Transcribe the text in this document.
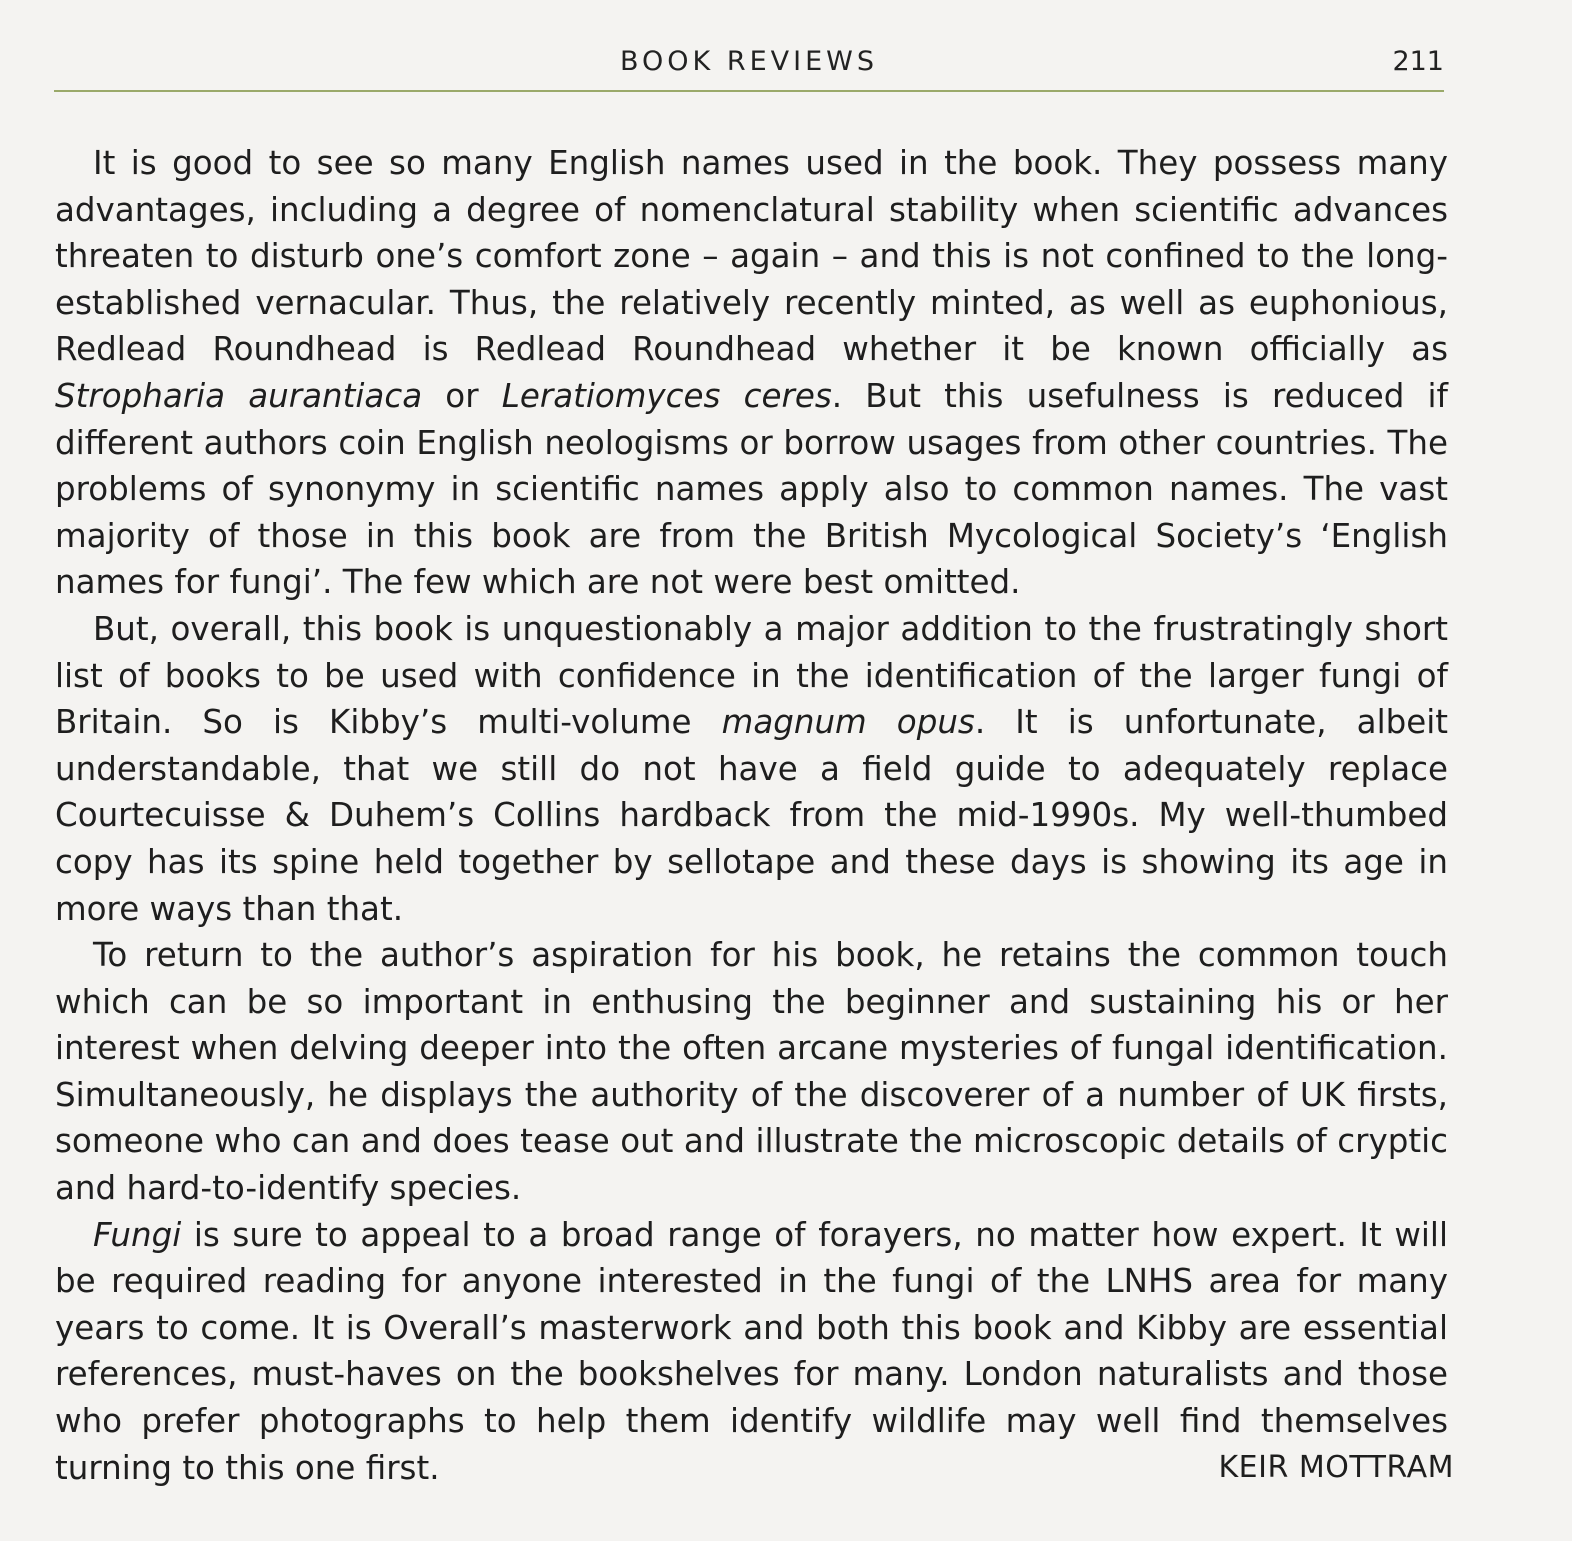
BOOK REVIEWS	211

It is good to see so many English names used in the book. They possess many advantages, including a degree of nomenclatural stability when scientific advances threaten to disturb one’s comfort zone – again – and this is not confined to the long-established vernacular. Thus, the relatively recently minted, as well as euphonious, Redlead Roundhead is Redlead Roundhead whether it be known officially as Stropharia aurantiaca or Leratiomyces ceres. But this usefulness is reduced if different authors coin English neologisms or borrow usages from other countries. The problems of synonymy in scientific names apply also to common names. The vast majority of those in this book are from the British Mycological Society’s ‘English names for fungi’. The few which are not were best omitted.

But, overall, this book is unquestionably a major addition to the frustratingly short list of books to be used with confidence in the identification of the larger fungi of Britain. So is Kibby’s multi-volume magnum opus. It is unfortunate, albeit understandable, that we still do not have a field guide to adequately replace Courtecuisse & Duhem’s Collins hardback from the mid-1990s. My well-thumbed copy has its spine held together by sellotape and these days is showing its age in more ways than that.

To return to the author’s aspiration for his book, he retains the common touch which can be so important in enthusing the beginner and sustaining his or her interest when delving deeper into the often arcane mysteries of fungal identification. Simultaneously, he displays the authority of the discoverer of a number of UK firsts, someone who can and does tease out and illustrate the microscopic details of cryptic and hard-to-identify species.

Fungi is sure to appeal to a broad range of forayers, no matter how expert. It will be required reading for anyone interested in the fungi of the LNHS area for many years to come. It is Overall’s masterwork and both this book and Kibby are essential references, must-haves on the bookshelves for many. London naturalists and those who prefer photographs to help them identify wildlife may well find themselves turning to this one first.	KEIR MOTTRAM
